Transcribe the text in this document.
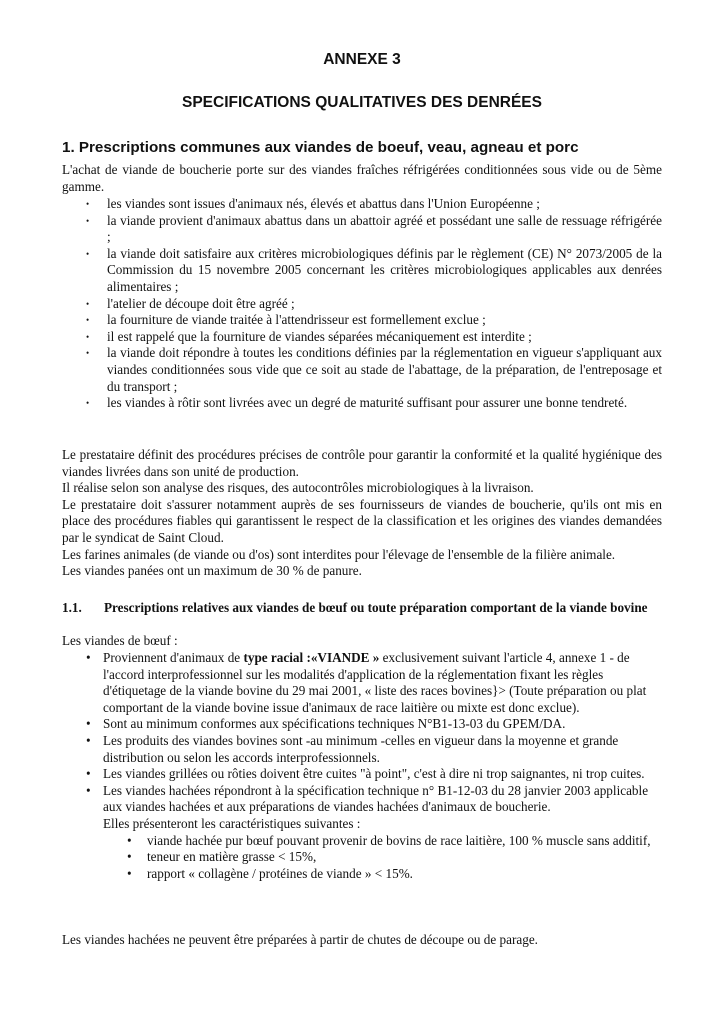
ANNEXE 3
SPECIFICATIONS QUALITATIVES DES DENRÉES
1. Prescriptions communes aux viandes de boeuf, veau, agneau et porc
L'achat de viande de boucherie porte sur des viandes fraîches réfrigérées conditionnées sous vide ou de 5ème gamme.
• les viandes sont issues d'animaux nés, élevés et abattus dans l'Union Européenne ;
• la viande provient d'animaux abattus dans un abattoir agréé et possédant une salle de ressuage réfrigérée ;
• la viande doit satisfaire aux critères microbiologiques définis par le règlement (CE) N° 2073/2005 de la Commission du 15 novembre 2005 concernant les critères microbiologiques applicables aux denrées alimentaires ;
• l'atelier de découpe doit être agréé ;
• la fourniture de viande traitée à l'attendrisseur est formellement exclue ;
• il est rappelé que la fourniture de viandes séparées mécaniquement est interdite ;
• la viande doit répondre à toutes les conditions définies par la réglementation en vigueur s'appliquant aux viandes conditionnées sous vide que ce soit au stade de l'abattage, de la préparation, de l'entreposage et du transport ;
• les viandes à rôtir sont livrées avec un degré de maturité suffisant pour assurer une bonne tendreté.

Le prestataire définit des procédures précises de contrôle pour garantir la conformité et la qualité hygiénique des viandes livrées dans son unité de production.

Il réalise selon son analyse des risques, des autocontrôles microbiologiques à la livraison.

Le prestataire doit s'assurer notamment auprès de ses fournisseurs de viandes de boucherie, qu'ils ont mis en place des procédures fiables qui garantissent le respect de la classification et les origines des viandes demandées par le syndicat de Saint Cloud.

Les farines animales (de viande ou d'os) sont interdites pour l'élevage de l'ensemble de la filière animale.

Les viandes panées ont un maximum de 30 % de panure.

1.1. Prescriptions relatives aux viandes de bœuf ou toute préparation comportant de la viande bovine
Les viandes de bœuf :
• Proviennent d'animaux de type racial :«VIANDE » exclusivement suivant l'article 4, annexe 1 - de l'accord interprofessionnel sur les modalités d'application de la réglementation fixant les règles d'étiquetage de la viande bovine du 29 mai 2001, « liste des races bovines}> (Toute préparation ou plat comportant de la viande bovine issue d'animaux de race laitière ou mixte est donc exclue).
• Sont au minimum conformes aux spécifications techniques N°B1-13-03 du GPEM/DA.
• Les produits des viandes bovines sont -au minimum -celles en vigueur dans la moyenne et grande distribution ou selon les accords interprofessionnels.
• Les viandes grillées ou rôties doivent être cuites "à point", c'est à dire ni trop saignantes, ni trop cuites.
• Les viandes hachées répondront à la spécification technique n° B1-12-03 du 28 janvier 2003 applicable aux viandes hachées et aux préparations de viandes hachées d'animaux de boucherie.
Elles présenteront les caractéristiques suivantes :
• viande hachée pur bœuf pouvant provenir de bovins de race laitière, 100 % muscle sans additif,
• teneur en matière grasse < 15%,
• rapport « collagène / protéines de viande » < 15%.
Les viandes hachées ne peuvent être préparées à partir de chutes de découpe ou de parage.
